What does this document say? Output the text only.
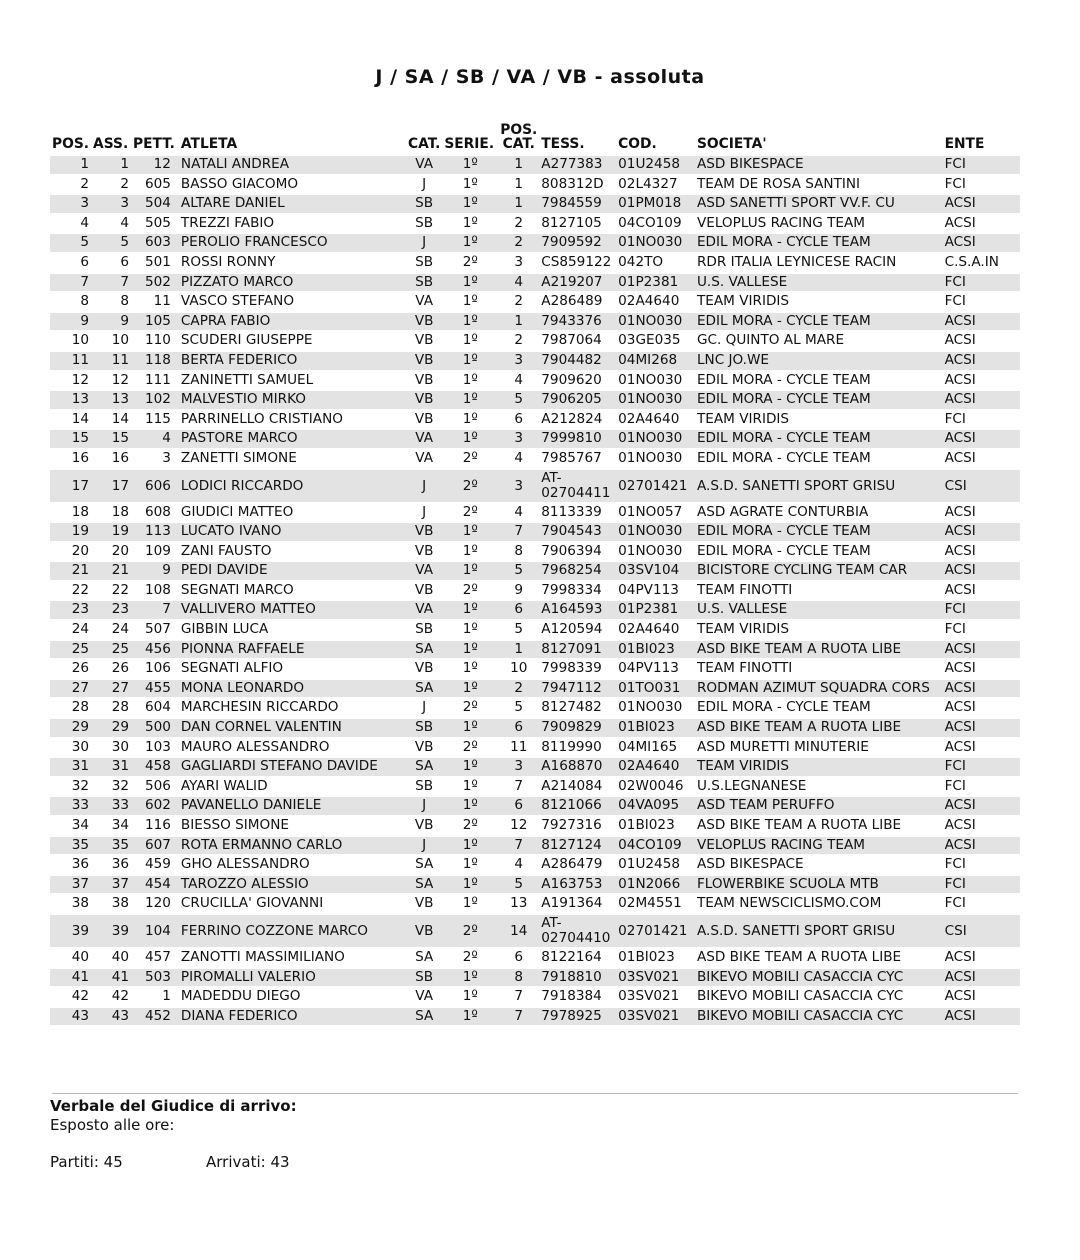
J / SA / SB / VA / VB - assoluta
POS.	ASS.	PETT.	ATLETA	CAT.	SERIE.	POS.
CAT.	TESS.	COD.	SOCIETA'	ENTE
1	1	12	NATALI ANDREA	VA	1º	1	A277383	01U2458	ASD BIKESPACE	FCI
2	2	605	BASSO GIACOMO	J	1º	1	808312D	02L4327	TEAM DE ROSA SANTINI	FCI
3	3	504	ALTARE DANIEL	SB	1º	1	7984559	01PM018	ASD SANETTI SPORT VV.F. CU	ACSI
4	4	505	TREZZI FABIO	SB	1º	2	8127105	04CO109	VELOPLUS RACING TEAM	ACSI
5	5	603	PEROLIO FRANCESCO	J	1º	2	7909592	01NO030	EDIL MORA - CYCLE TEAM	ACSI
6	6	501	ROSSI RONNY	SB	2º	3	CS859122	042TO	RDR ITALIA LEYNICESE RACIN	C.S.A.IN
7	7	502	PIZZATO MARCO	SB	1º	4	A219207	01P2381	U.S. VALLESE	FCI
8	8	11	VASCO STEFANO	VA	1º	2	A286489	02A4640	TEAM VIRIDIS	FCI
9	9	105	CAPRA FABIO	VB	1º	1	7943376	01NO030	EDIL MORA - CYCLE TEAM	ACSI
10	10	110	SCUDERI GIUSEPPE	VB	1º	2	7987064	03GE035	GC. QUINTO AL MARE	ACSI
11	11	118	BERTA FEDERICO	VB	1º	3	7904482	04MI268	LNC JO.WE	ACSI
12	12	111	ZANINETTI SAMUEL	VB	1º	4	7909620	01NO030	EDIL MORA - CYCLE TEAM	ACSI
13	13	102	MALVESTIO MIRKO	VB	1º	5	7906205	01NO030	EDIL MORA - CYCLE TEAM	ACSI
14	14	115	PARRINELLO CRISTIANO	VB	1º	6	A212824	02A4640	TEAM VIRIDIS	FCI
15	15	4	PASTORE MARCO	VA	1º	3	7999810	01NO030	EDIL MORA - CYCLE TEAM	ACSI
16	16	3	ZANETTI SIMONE	VA	2º	4	7985767	01NO030	EDIL MORA - CYCLE TEAM	ACSI
17	17	606	LODICI RICCARDO	J	2º	3	AT-
02704411	02701421	A.S.D. SANETTI SPORT GRISU	CSI
18	18	608	GIUDICI MATTEO	J	2º	4	8113339	01NO057	ASD AGRATE CONTURBIA	ACSI
19	19	113	LUCATO IVANO	VB	1º	7	7904543	01NO030	EDIL MORA - CYCLE TEAM	ACSI
20	20	109	ZANI FAUSTO	VB	1º	8	7906394	01NO030	EDIL MORA - CYCLE TEAM	ACSI
21	21	9	PEDI DAVIDE	VA	1º	5	7968254	03SV104	BICISTORE CYCLING TEAM CAR	ACSI
22	22	108	SEGNATI MARCO	VB	2º	9	7998334	04PV113	TEAM FINOTTI	ACSI
23	23	7	VALLIVERO MATTEO	VA	1º	6	A164593	01P2381	U.S. VALLESE	FCI
24	24	507	GIBBIN LUCA	SB	1º	5	A120594	02A4640	TEAM VIRIDIS	FCI
25	25	456	PIONNA RAFFAELE	SA	1º	1	8127091	01BI023	ASD BIKE TEAM A RUOTA LIBE	ACSI
26	26	106	SEGNATI ALFIO	VB	1º	10	7998339	04PV113	TEAM FINOTTI	ACSI
27	27	455	MONA LEONARDO	SA	1º	2	7947112	01TO031	RODMAN AZIMUT SQUADRA CORS	ACSI
28	28	604	MARCHESIN RICCARDO	J	2º	5	8127482	01NO030	EDIL MORA - CYCLE TEAM	ACSI
29	29	500	DAN CORNEL VALENTIN	SB	1º	6	7909829	01BI023	ASD BIKE TEAM A RUOTA LIBE	ACSI
30	30	103	MAURO ALESSANDRO	VB	2º	11	8119990	04MI165	ASD MURETTI MINUTERIE	ACSI
31	31	458	GAGLIARDI STEFANO DAVIDE	SA	1º	3	A168870	02A4640	TEAM VIRIDIS	FCI
32	32	506	AYARI WALID	SB	1º	7	A214084	02W0046	U.S.LEGNANESE	FCI
33	33	602	PAVANELLO DANIELE	J	1º	6	8121066	04VA095	ASD TEAM PERUFFO	ACSI
34	34	116	BIESSO SIMONE	VB	2º	12	7927316	01BI023	ASD BIKE TEAM A RUOTA LIBE	ACSI
35	35	607	ROTA ERMANNO CARLO	J	1º	7	8127124	04CO109	VELOPLUS RACING TEAM	ACSI
36	36	459	GHO ALESSANDRO	SA	1º	4	A286479	01U2458	ASD BIKESPACE	FCI
37	37	454	TAROZZO ALESSIO	SA	1º	5	A163753	01N2066	FLOWERBIKE SCUOLA MTB	FCI
38	38	120	CRUCILLA' GIOVANNI	VB	1º	13	A191364	02M4551	TEAM NEWSCICLISMO.COM	FCI
39	39	104	FERRINO COZZONE MARCO	VB	2º	14	AT-
02704410	02701421	A.S.D. SANETTI SPORT GRISU	CSI
40	40	457	ZANOTTI MASSIMILIANO	SA	2º	6	8122164	01BI023	ASD BIKE TEAM A RUOTA LIBE	ACSI
41	41	503	PIROMALLI VALERIO	SB	1º	8	7918810	03SV021	BIKEVO MOBILI CASACCIA CYC	ACSI
42	42	1	MADEDDU DIEGO	VA	1º	7	7918384	03SV021	BIKEVO MOBILI CASACCIA CYC	ACSI
43	43	452	DIANA FEDERICO	SA	1º	7	7978925	03SV021	BIKEVO MOBILI CASACCIA CYC	ACSI
Verbale del Giudice di arrivo:
Esposto alle ore:
Partiti: 45	Arrivati: 43
